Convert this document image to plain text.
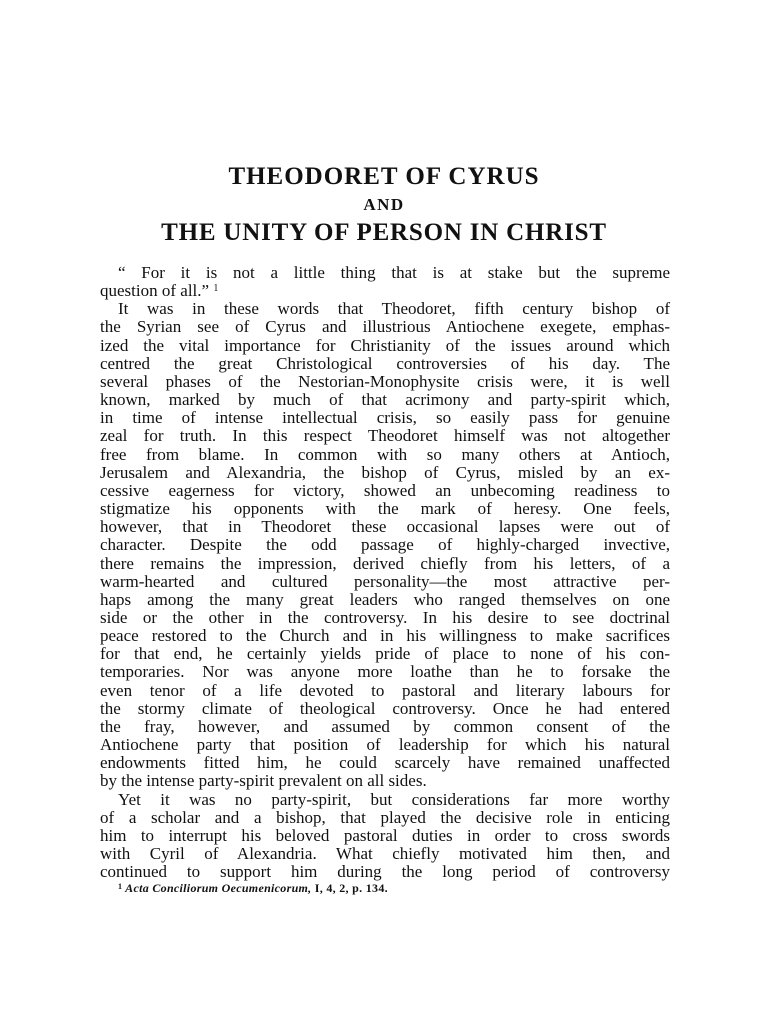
THEODORET OF CYRUS
AND
THE UNITY OF PERSON IN CHRIST
“ For it is not a little thing that is at stake but the supreme
question of all.” $^1$
It was in these words that Theodoret, fifth century bishop of
the Syrian see of Cyrus and illustrious Antiochene exegete, emphas-
ized the vital importance for Christianity of the issues around which
centred the great Christological controversies of his day. The
several phases of the Nestorian-Monophysite crisis were, it is well
known, marked by much of that acrimony and party-spirit which,
in time of intense intellectual crisis, so easily pass for genuine
zeal for truth. In this respect Theodoret himself was not altogether
free from blame. In common with so many others at Antioch,
Jerusalem and Alexandria, the bishop of Cyrus, misled by an ex-
cessive eagerness for victory, showed an unbecoming readiness to
stigmatize his opponents with the mark of heresy. One feels,
however, that in Theodoret these occasional lapses were out of
character. Despite the odd passage of highly-charged invective,
there remains the impression, derived chiefly from his letters, of a
warm-hearted and cultured personality—the most attractive per-
haps among the many great leaders who ranged themselves on one
side or the other in the controversy. In his desire to see doctrinal
peace restored to the Church and in his willingness to make sacrifices
for that end, he certainly yields pride of place to none of his con-
temporaries. Nor was anyone more loathe than he to forsake the
even tenor of a life devoted to pastoral and literary labours for
the stormy climate of theological controversy. Once he had entered
the fray, however, and assumed by common consent of the
Antiochene party that position of leadership for which his natural
endowments fitted him, he could scarcely have remained unaffected
by the intense party-spirit prevalent on all sides.
Yet it was no party-spirit, but considerations far more worthy
of a scholar and a bishop, that played the decisive role in enticing
him to interrupt his beloved pastoral duties in order to cross swords
with Cyril of Alexandria. What chiefly motivated him then, and
continued to support him during the long period of controversy
$^1$ Acta Conciliorum Oecumenicorum, I, 4, 2, p. 134.
